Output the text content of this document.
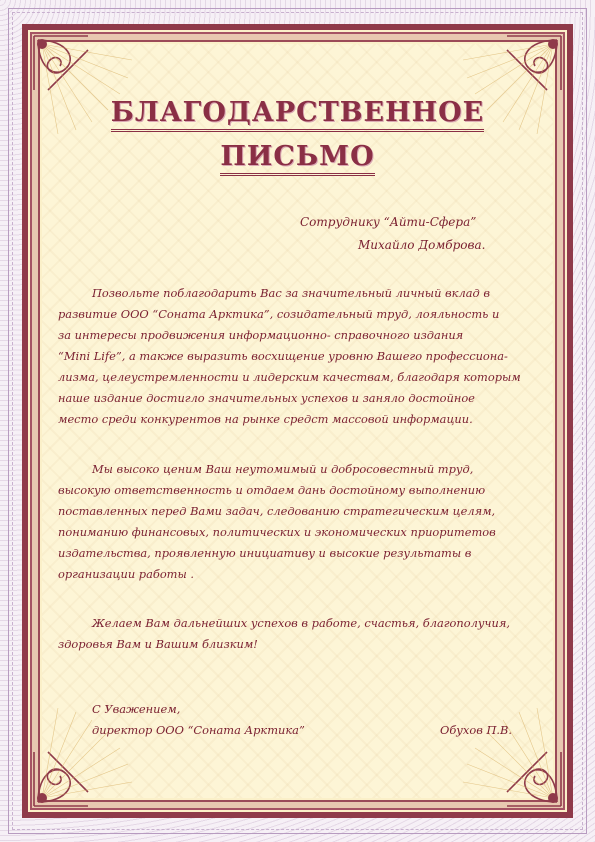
БЛАГОДАРСТВЕННОЕ
ПИСЬМО
Сотруднику “Айти-Сфера”
Михайло Домброва.
Позвольте поблагодарить Вас за значительный личный вклад в
развитие ООО “Соната Арктика”, созидательный труд, лояльность и
за интересы продвижения информационно- справочного издания
“Mini Life”, а также выразить восхищение уровню Вашего профессиона-
лизма, целеустремленности и лидерским качествам, благодаря которым
наше издание достигло значительных успехов и заняло достойное
место среди конкурентов на рынке средст массовой информации.
Мы высоко ценим Ваш неутомимый и добросовестный труд,
высокую ответственность и отдаем дань достойному выполнению
поставленных перед Вами задач, следованию стратегическим целям,
пониманию финансовых, политических и экономических приоритетов
издательства, проявленную инициативу и высокие результаты в
организации работы .
Желаем Вам дальнейших успехов в работе, счастья, благополучия,
здоровья Вам и Вашим близким!
С Уважением,
директор ООО “Соната Арктика”	Обухов П.В.
